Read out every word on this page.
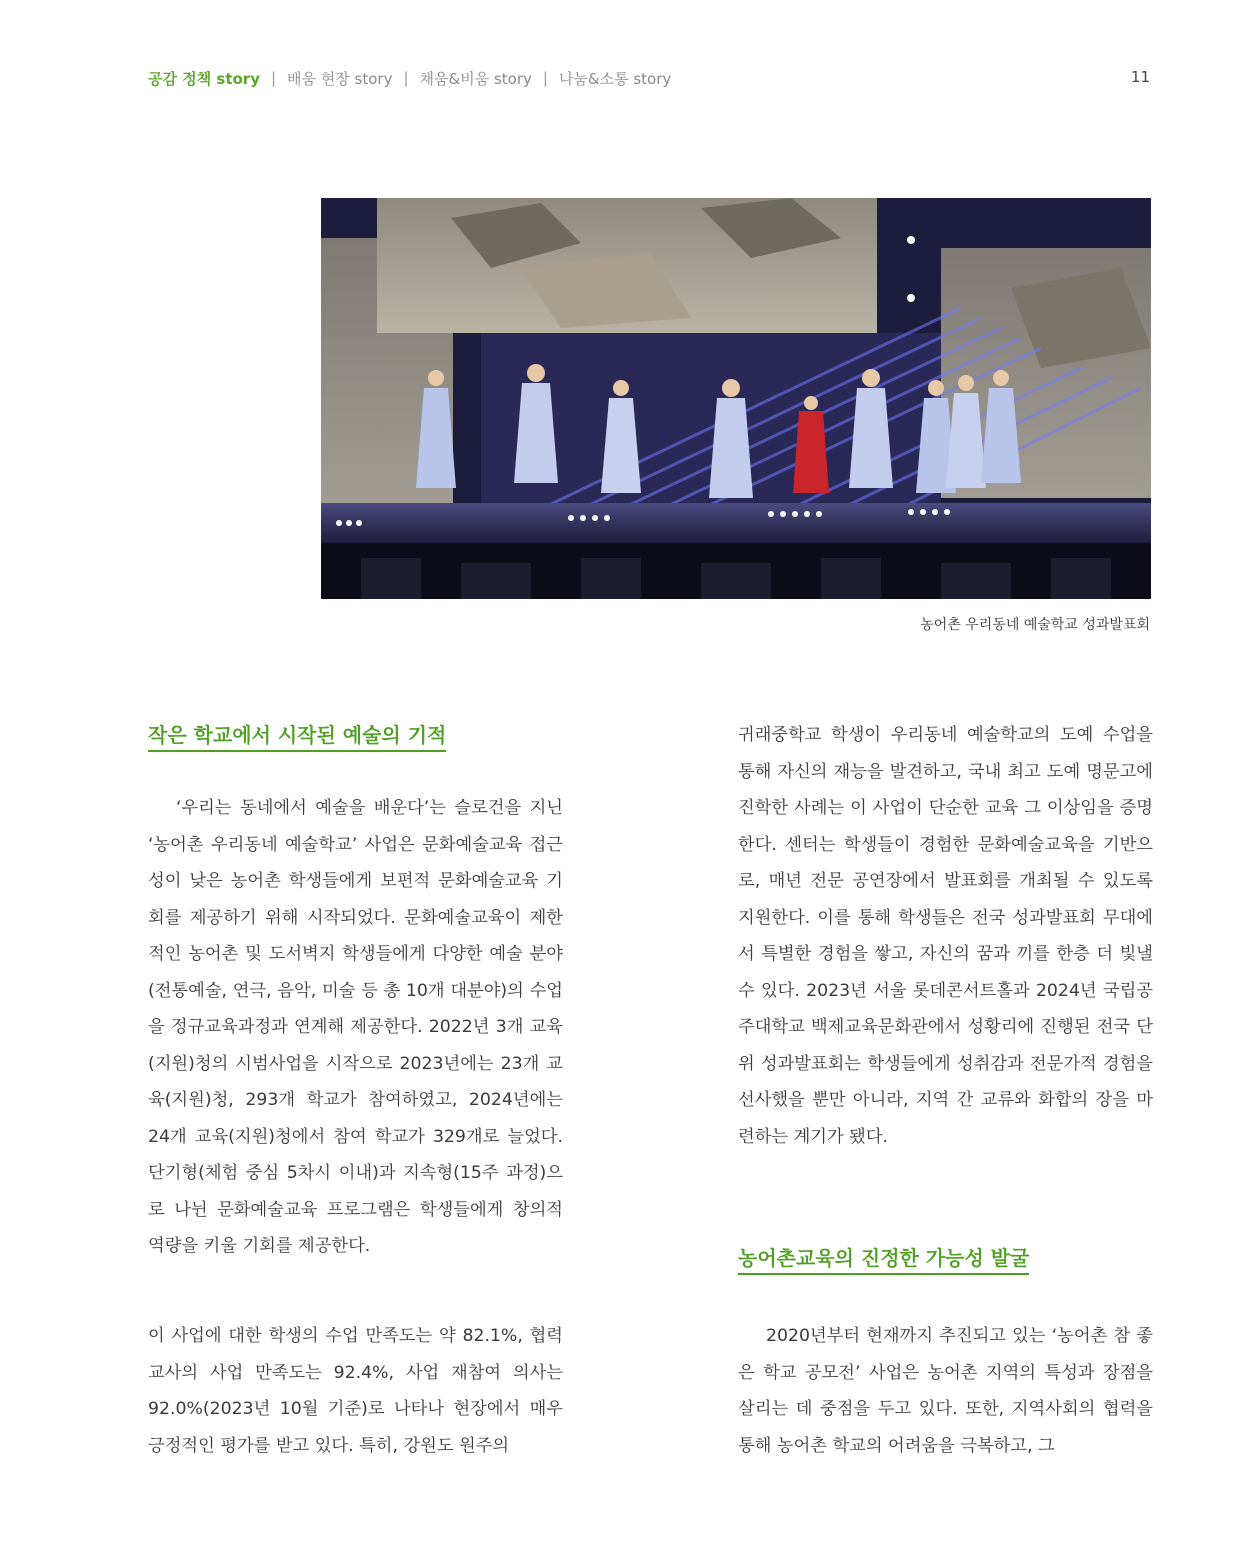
공감 정책 story | 배움 현장 story | 채움&비움 story | 나눔&소통 story	11
농어촌 우리동네 예술학교 성과발표회
작은 학교에서 시작된 예술의 기적

‘우리는 동네에서 예술을 배운다’는 슬로건을 지닌 ‘농어촌 우리동네 예술학교’ 사업은 문화예술교육 접근성이 낮은 농어촌 학생들에게 보편적 문화예술교육 기회를 제공하기 위해 시작되었다. 문화예술교육이 제한적인 농어촌 및 도서벽지 학생들에게 다양한 예술 분야(전통예술, 연극, 음악, 미술 등 총 10개 대분야)의 수업을 정규교육과정과 연계해 제공한다. 2022년 3개 교육(지원)청의 시범사업을 시작으로 2023년에는 23개 교육(지원)청, 293개 학교가 참여하였고, 2024년에는 24개 교육(지원)청에서 참여 학교가 329개로 늘었다. 단기형(체험 중심 5차시 이내)과 지속형(15주 과정)으로 나뉜 문화예술교육 프로그램은 학생들에게 창의적 역량을 키울 기회를 제공한다.

이 사업에 대한 학생의 수업 만족도는 약 82.1%, 협력교사의 사업 만족도는 92.4%, 사업 재참여 의사는 92.0%(2023년 10월 기준)로 나타나 현장에서 매우 긍정적인 평가를 받고 있다. 특히, 강원도 원주의

귀래중학교 학생이 우리동네 예술학교의 도예 수업을 통해 자신의 재능을 발견하고, 국내 최고 도예 명문고에 진학한 사례는 이 사업이 단순한 교육 그 이상임을 증명한다. 센터는 학생들이 경험한 문화예술교육을 기반으로, 매년 전문 공연장에서 발표회를 개최될 수 있도록 지원한다. 이를 통해 학생들은 전국 성과발표회 무대에서 특별한 경험을 쌓고, 자신의 꿈과 끼를 한층 더 빛낼 수 있다. 2023년 서울 롯데콘서트홀과 2024년 국립공주대학교 백제교육문화관에서 성황리에 진행된 전국 단위 성과발표회는 학생들에게 성취감과 전문가적 경험을 선사했을 뿐만 아니라, 지역 간 교류와 화합의 장을 마련하는 계기가 됐다.

농어촌교육의 진정한 가능성 발굴

2020년부터 현재까지 추진되고 있는 ‘농어촌 참 좋은 학교 공모전’ 사업은 농어촌 지역의 특성과 장점을 살리는 데 중점을 두고 있다. 또한, 지역사회의 협력을 통해 농어촌 학교의 어려움을 극복하고, 그
